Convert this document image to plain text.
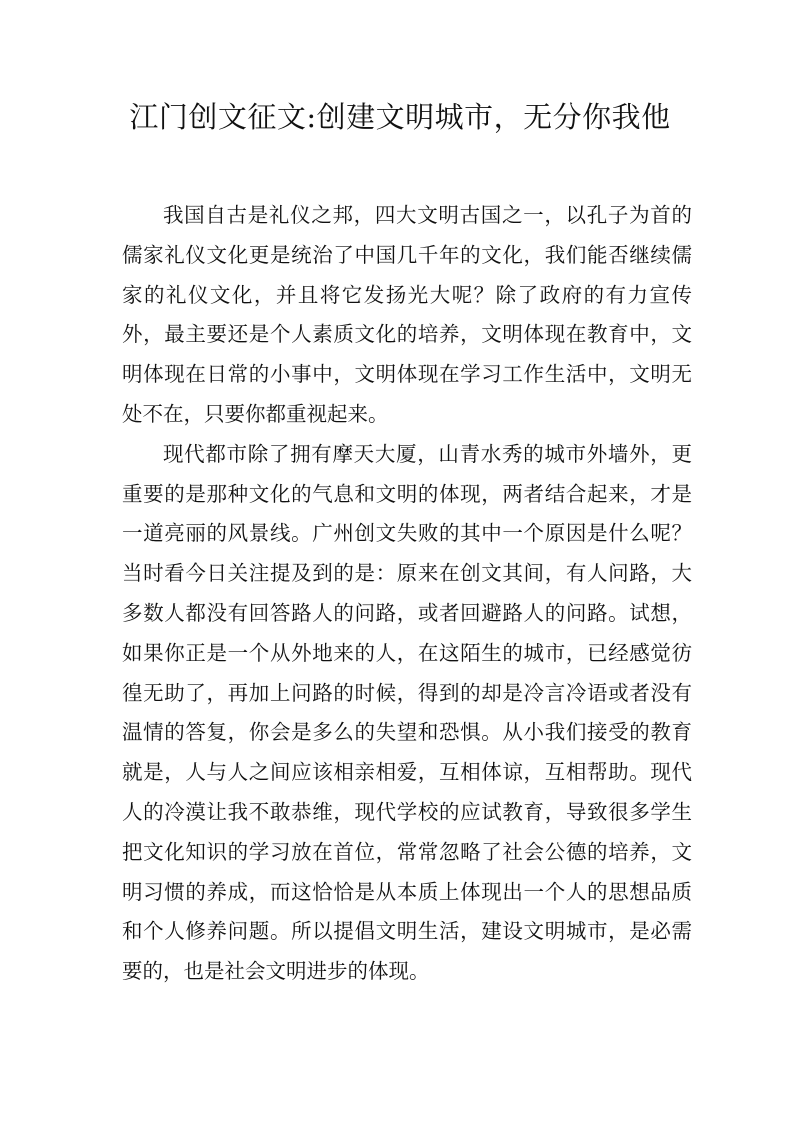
江门创文征文:创建文明城市，无分你我他

我国自古是礼仪之邦，四大文明古国之一，以孔子为首的儒家礼仪文化更是统治了中国几千年的文化，我们能否继续儒家的礼仪文化，并且将它发扬光大呢？除了政府的有力宣传外，最主要还是个人素质文化的培养，文明体现在教育中，文明体现在日常的小事中，文明体现在学习工作生活中，文明无处不在，只要你都重视起来。

现代都市除了拥有摩天大厦，山青水秀的城市外墙外，更重要的是那种文化的气息和文明的体现，两者结合起来，才是一道亮丽的风景线。广州创文失败的其中一个原因是什么呢？当时看今日关注提及到的是：原来在创文其间，有人问路，大多数人都没有回答路人的问路，或者回避路人的问路。试想，如果你正是一个从外地来的人，在这陌生的城市，已经感觉彷徨无助了，再加上问路的时候，得到的却是冷言冷语或者没有温情的答复，你会是多么的失望和恐惧。从小我们接受的教育就是，人与人之间应该相亲相爱，互相体谅，互相帮助。现代人的冷漠让我不敢恭维，现代学校的应试教育，导致很多学生把文化知识的学习放在首位，常常忽略了社会公德的培养，文明习惯的养成，而这恰恰是从本质上体现出一个人的思想品质和个人修养问题。所以提倡文明生活，建设文明城市，是必需要的，也是社会文明进步的体现。
